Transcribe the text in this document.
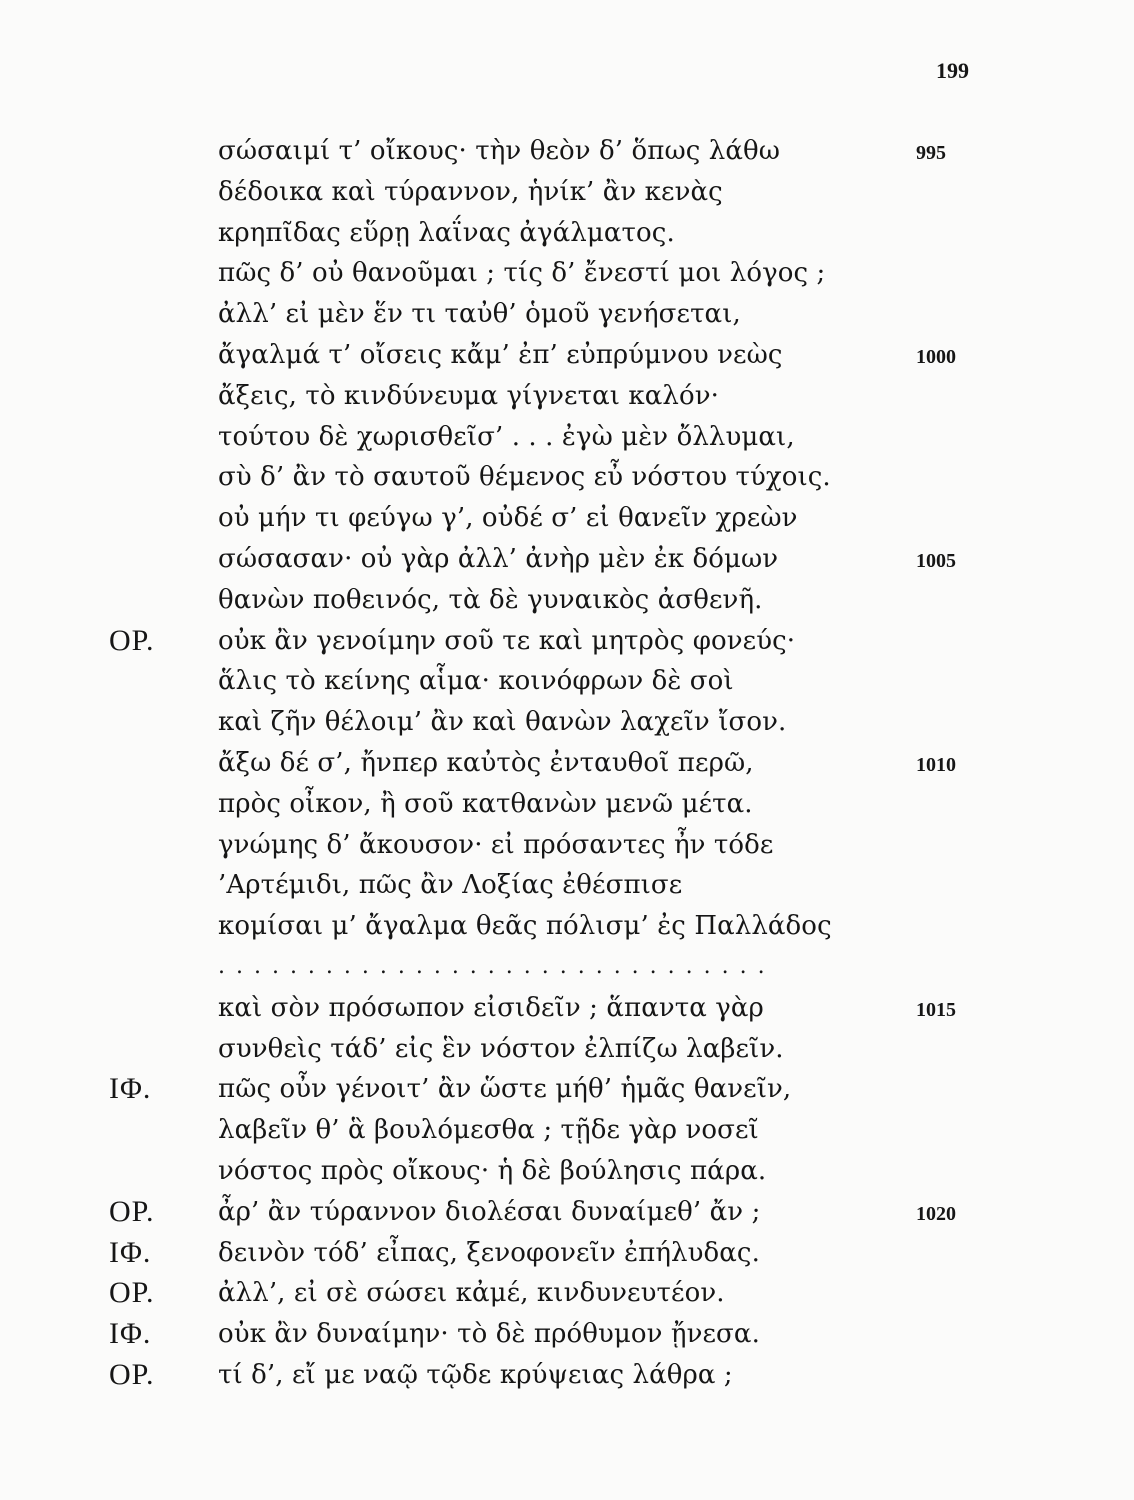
199
σώσαιμί τ’ οἴκους· τὴν θεὸν δ’ ὅπως λάθω	995
δέδοικα καὶ τύραννον, ἡνίκ’ ἂν κενὰς
κρηπῖδας εὕρῃ λαΐνας ἀγάλματος.
πῶς δ’ οὐ θανοῦμαι ; τίς δ’ ἔνεστί μοι λόγος ;
ἀλλ’ εἰ μὲν ἕν τι ταὐθ’ ὁμοῦ γενήσεται,
ἄγαλμά τ’ οἴσεις κἄμ’ ἐπ’ εὐπρύμνου νεὼς	1000
ἄξεις, τὸ κινδύνευμα γίγνεται καλόν·
τούτου δὲ χωρισθεῖσ’ . . . ἐγὼ μὲν ὄλλυμαι,
σὺ δ’ ἂν τὸ σαυτοῦ θέμενος εὖ νόστου τύχοις.
οὐ μήν τι φεύγω γ’, οὐδέ σ’ εἰ θανεῖν χρεὼν
σώσασαν· οὐ γὰρ ἀλλ’ ἀνὴρ μὲν ἐκ δόμων	1005
θανὼν ποθεινός, τὰ δὲ γυναικὸς ἀσθενῆ.
ΟΡ. οὐκ ἂν γενοίμην σοῦ τε καὶ μητρὸς φονεύς·
ἅλις τὸ κείνης αἷμα· κοινόφρων δὲ σοὶ
καὶ ζῆν θέλοιμ’ ἂν καὶ θανὼν λαχεῖν ἴσον.
ἄξω δέ σ’, ἤνπερ καὐτὸς ἐνταυθοῖ περῶ,	1010
πρὸς οἶκον, ἢ σοῦ κατθανὼν μενῶ μέτα.
γνώμης δ’ ἄκουσον· εἰ πρόσαντες ἦν τόδε
’Αρτέμιδι, πῶς ἂν Λοξίας ἐθέσπισε
κομίσαι μ’ ἄγαλμα θεᾶς πόλισμ’ ἐς Παλλάδος
. . . . . . . . . . . . . . . . . . . . . . . . . . . . . . .
καὶ σὸν πρόσωπον εἰσιδεῖν ; ἅπαντα γὰρ	1015
συνθεὶς τάδ’ εἰς ἓν νόστον ἐλπίζω λαβεῖν.
ΙΦ.	πῶς οὖν γένοιτ’ ἂν ὥστε μήθ’ ἡμᾶς θανεῖν,
λαβεῖν θ’ ἃ βουλόμεσθα ; τῇδε γὰρ νοσεῖ
νόστος πρὸς οἴκους· ἡ δὲ βούλησις πάρα.
ΟΡ. ἆρ’ ἂν τύραννον διολέσαι δυναίμεθ’ ἄν ;	1020
ΙΦ.	δεινὸν τόδ’ εἶπας, ξενοφονεῖν ἐπήλυδας.
ΟΡ. ἀλλ’, εἰ σὲ σώσει κἀμέ, κινδυνευτέον.
ΙΦ.	οὐκ ἂν δυναίμην· τὸ δὲ πρόθυμον ᾔνεσα.
ΟΡ. τί δ’, εἴ με ναῷ τῷδε κρύψειας λάθρα ;
